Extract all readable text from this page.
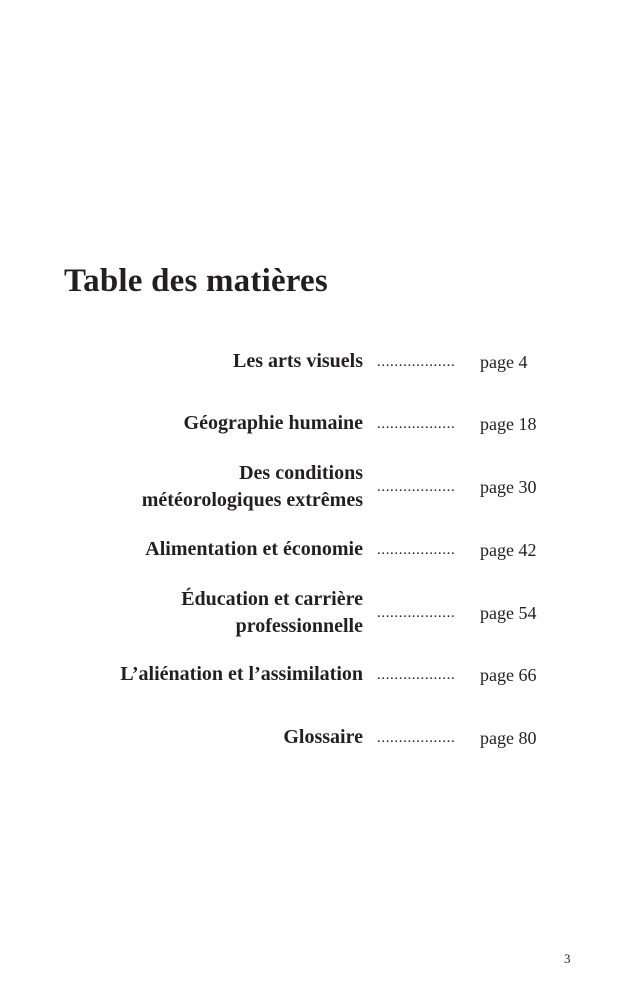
Table des matières
Les arts visuels ..................	page 4
Géographie humaine ..................	page 18
Des conditions
météorologiques extrêmes
..................	page 30
Alimentation et économie ..................	page 42
Éducation et carrière
professionnelle
..................	page 54
L’aliénation et l’assimilation ..................	page 66
Glossaire ..................	page 80
3
